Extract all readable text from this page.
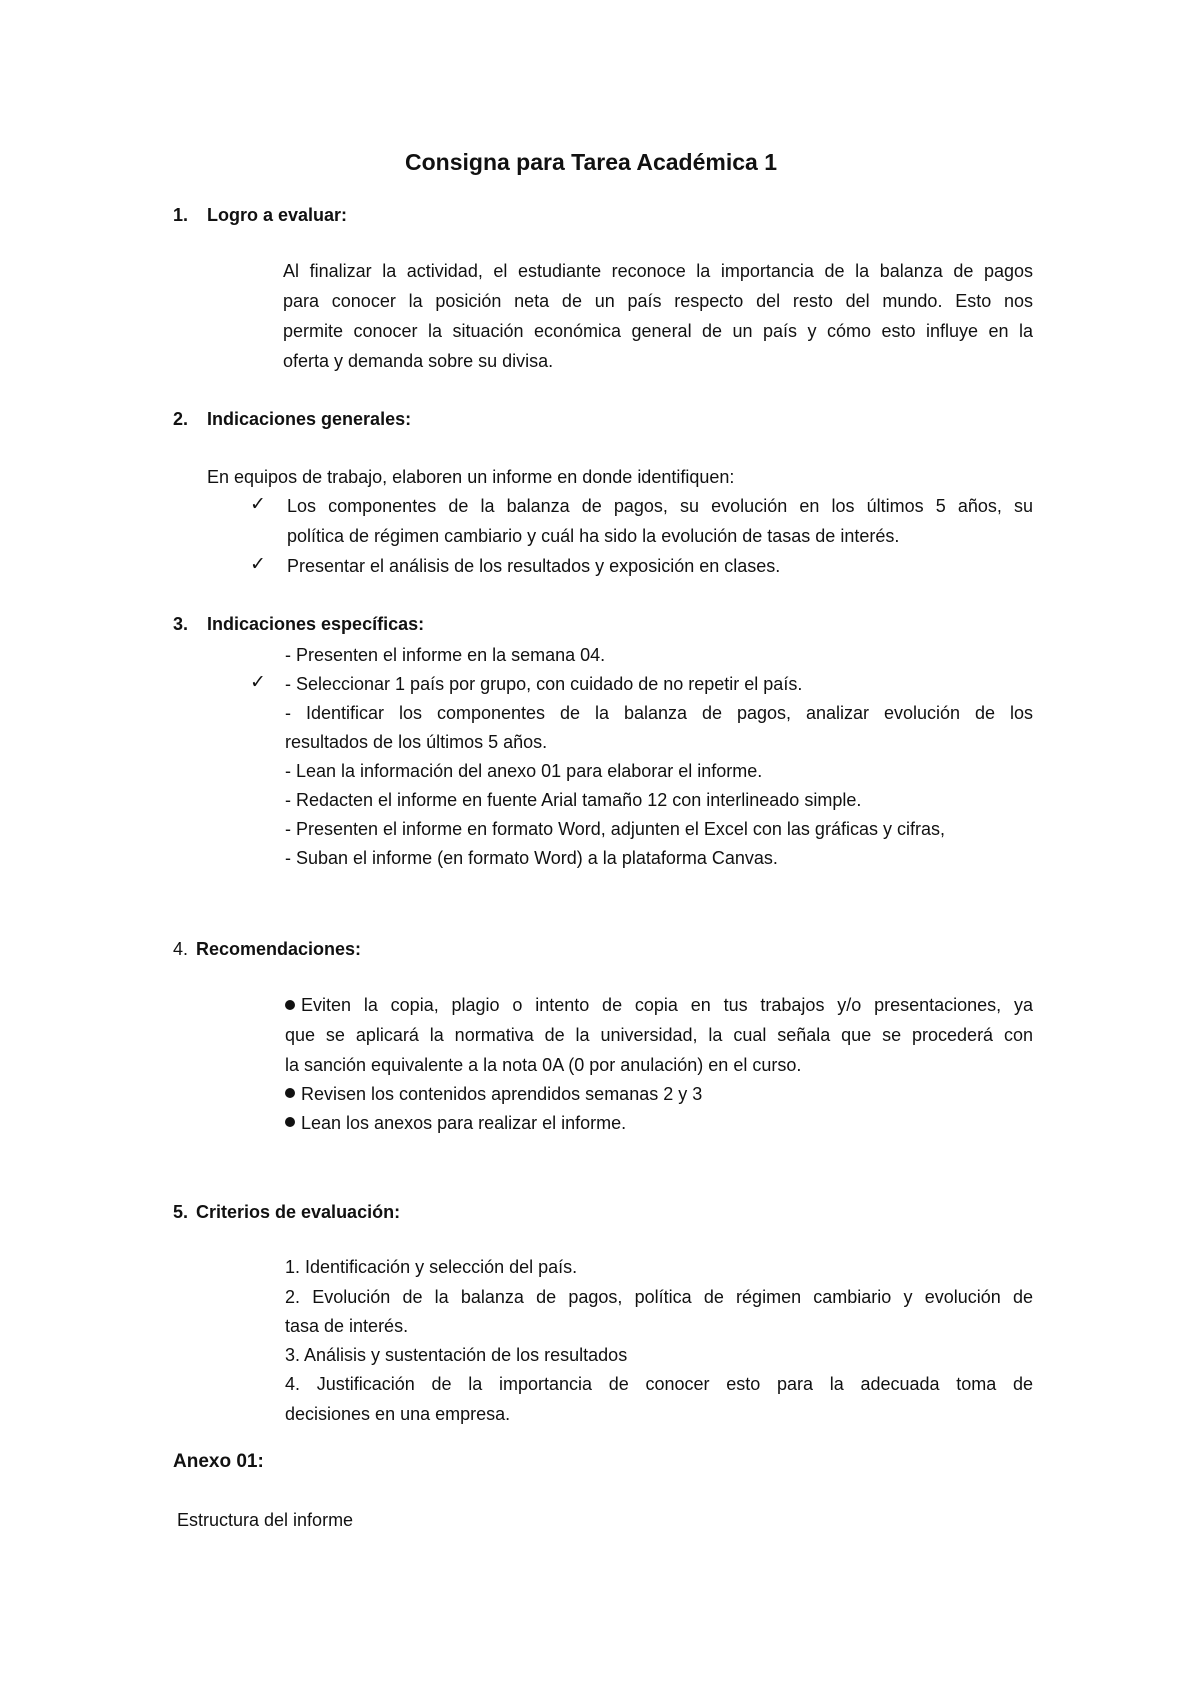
Consigna para Tarea Académica 1
1. Logro a evaluar:
Al finalizar la actividad, el estudiante reconoce la importancia de la balanza de pagos
para conocer la posición neta de un país respecto del resto del mundo. Esto nos
permite conocer la situación económica general de un país y cómo esto influye en la
oferta y demanda sobre su divisa.
2. Indicaciones generales:
En equipos de trabajo, elaboren un informe en donde identifiquen:
✓ Los componentes de la balanza de pagos, su evolución en los últimos 5 años, su
política de régimen cambiario y cuál ha sido la evolución de tasas de interés.
✓ Presentar el análisis de los resultados y exposición en clases.
3. Indicaciones específicas:
- Presenten el informe en la semana 04.
✓ - Seleccionar 1 país por grupo, con cuidado de no repetir el país.
- Identificar los componentes de la balanza de pagos, analizar evolución de los
resultados de los últimos 5 años.
- Lean la información del anexo 01 para elaborar el informe.
- Redacten el informe en fuente Arial tamaño 12 con interlineado simple.
- Presenten el informe en formato Word, adjunten el Excel con las gráficas y cifras,
- Suban el informe (en formato Word) a la plataforma Canvas.
4. Recomendaciones:
Eviten la copia, plagio o intento de copia en tus trabajos y/o presentaciones, ya
que se aplicará la normativa de la universidad, la cual señala que se procederá con
la sanción equivalente a la nota 0A (0 por anulación) en el curso.
Revisen los contenidos aprendidos semanas 2 y 3
Lean los anexos para realizar el informe.
5. Criterios de evaluación:
1. Identificación y selección del país.
2. Evolución de la balanza de pagos, política de régimen cambiario y evolución de
tasa de interés.
3. Análisis y sustentación de los resultados
4. Justificación de la importancia de conocer esto para la adecuada toma de
decisiones en una empresa.
Anexo 01:
Estructura del informe
